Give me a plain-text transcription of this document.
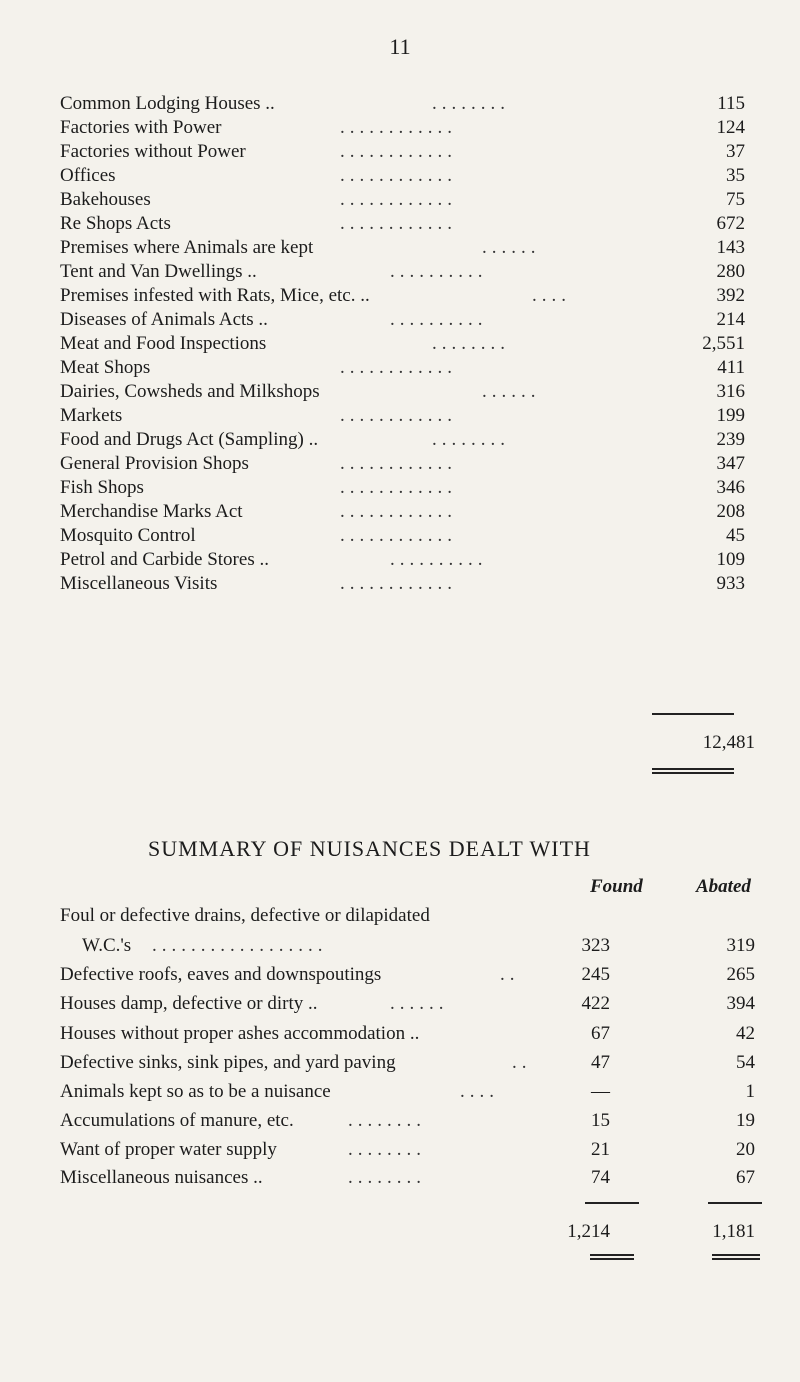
11
Common Lodging Houses ..	........	115
Factories with Power	............	124
Factories without Power	............	37
Offices	............	35
Bakehouses	............	75
Re Shops Acts	............	672
Premises where Animals are kept	......	143
Tent and Van Dwellings ..	..........	280
Premises infested with Rats, Mice, etc. ..	....	392
Diseases of Animals Acts ..	..........	214
Meat and Food Inspections	........	2,551
Meat Shops	............	411
Dairies, Cowsheds and Milkshops	......	316
Markets	............	199
Food and Drugs Act (Sampling) ..	........	239
General Provision Shops	............	347
Fish Shops	............	346
Merchandise Marks Act	............	208
Mosquito Control	............	45
Petrol and Carbide Stores ..	..........	109
Miscellaneous Visits	............	933
12,481
SUMMARY OF NUISANCES DEALT WITH
Found	Abated
Foul or defective drains, defective or dilapidated
W.C.'s ..................	323	319
Defective roofs, eaves and downspoutings	..	245	265
Houses damp, defective or dirty ..	......	422	394
Houses without proper ashes accommodation ..	67	42
Defective sinks, sink pipes, and yard paving	..	47	54
Animals kept so as to be a nuisance	....	—	1
Accumulations of manure, etc.	........	15	19
Want of proper water supply	........	21	20
Miscellaneous nuisances ..	........	74	67
1,214	1,181
